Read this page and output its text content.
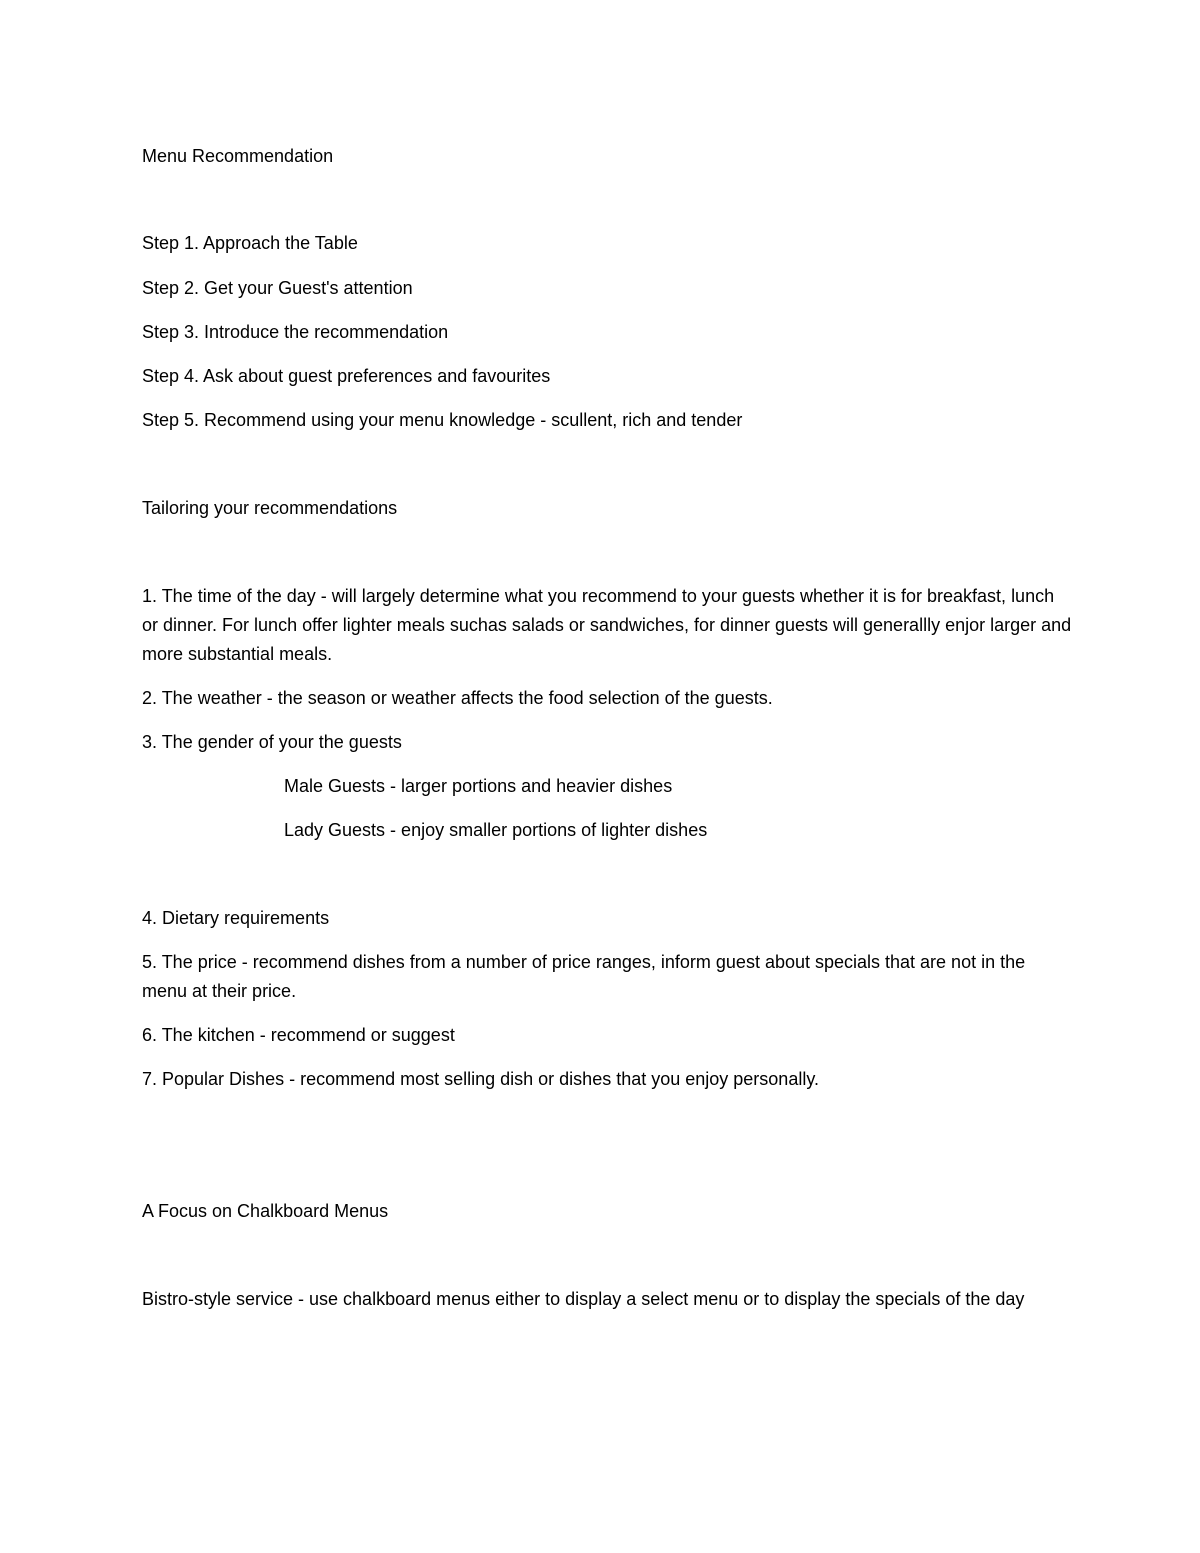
Menu Recommendation

Step 1. Approach the Table

Step 2. Get your Guest's attention

Step 3. Introduce the recommendation

Step 4. Ask about guest preferences and favourites

Step 5. Recommend using your menu knowledge - scullent, rich and tender

Tailoring your recommendations

1. The time of the day - will largely determine what you recommend to your guests whether it is for breakfast, lunch or dinner. For lunch offer lighter meals suchas salads or sandwiches, for dinner guests will generallly enjor larger and more substantial meals.

2. The weather - the season or weather affects the food selection of the guests.

3. The gender of your the guests

Male Guests - larger portions and heavier dishes

Lady Guests - enjoy smaller portions of lighter dishes

4. Dietary requirements

5. The price - recommend dishes from a number of price ranges, inform guest about specials that are not in the menu at their price.

6. The kitchen - recommend or suggest

7. Popular Dishes - recommend most selling dish or dishes that you enjoy personally.

A Focus on Chalkboard Menus

Bistro-style service - use chalkboard menus either to display a select menu or to display the specials of the day
